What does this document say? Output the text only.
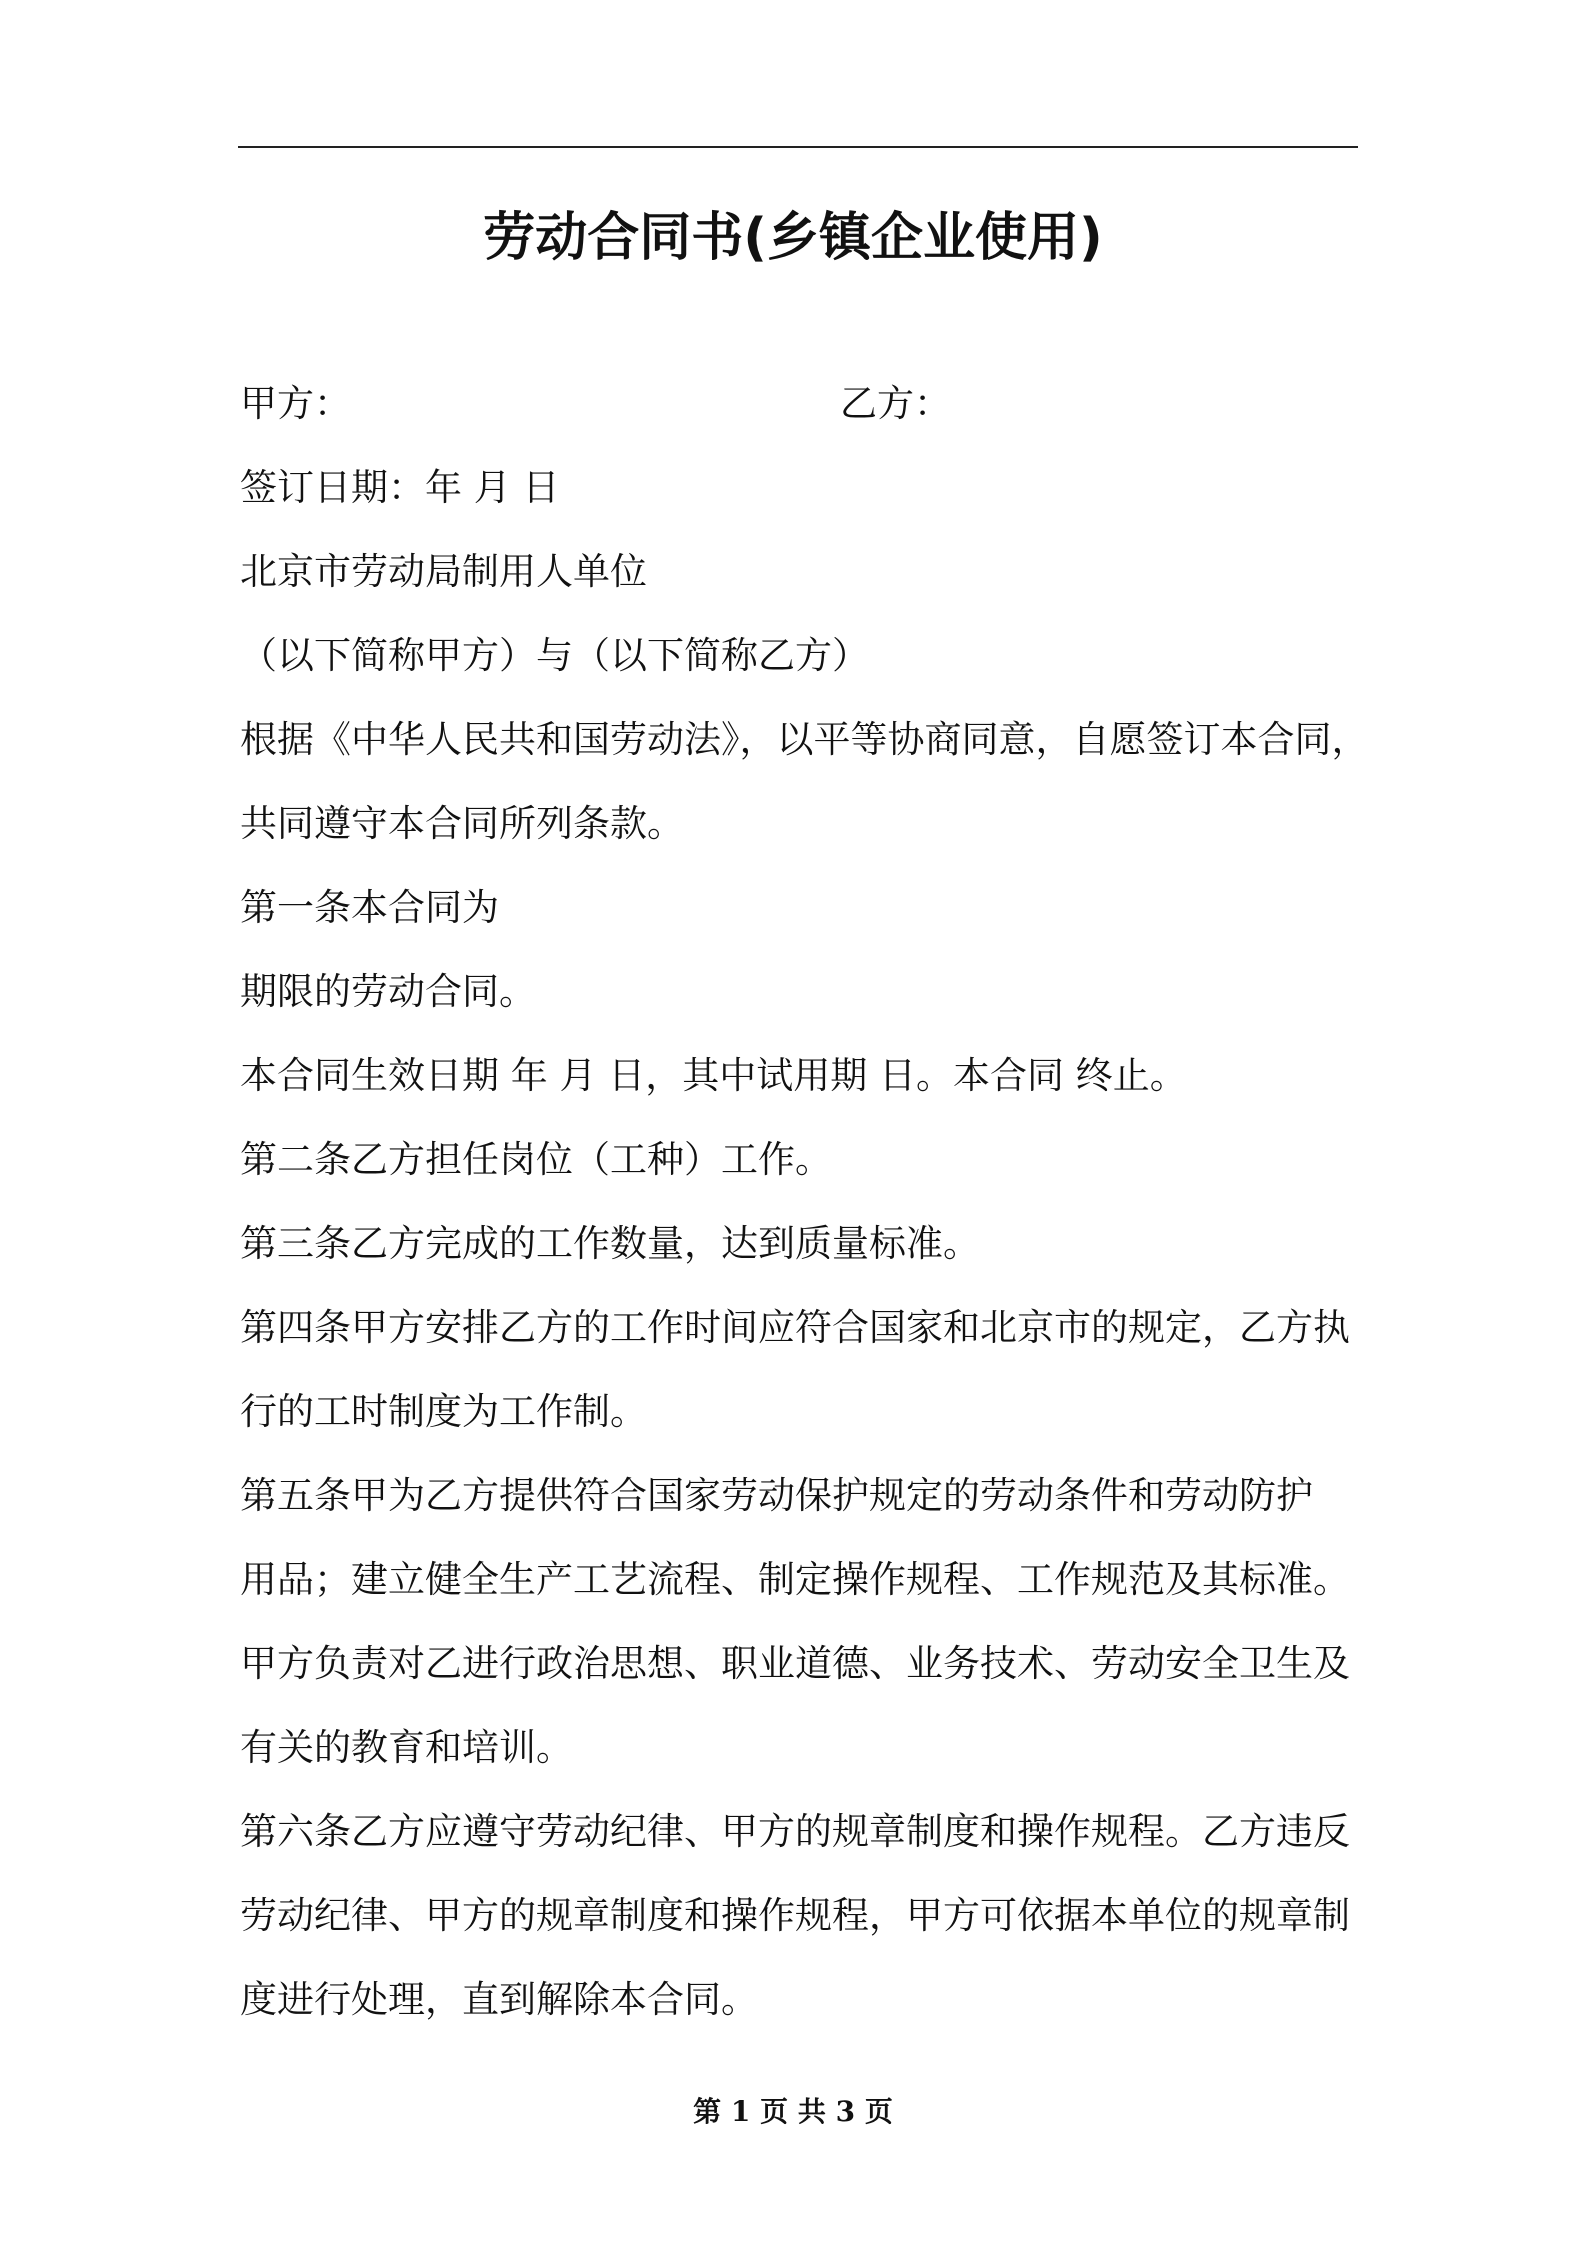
劳动合同书(乡镇企业使用)
甲方：	乙方：
签订日期：年 月 日
北京市劳动局制用人单位
（以下简称甲方）与（以下简称乙方）
根据《中华人民共和国劳动法》，以平等协商同意，自愿签订本合同，
共同遵守本合同所列条款。
第一条本合同为
期限的劳动合同。
本合同生效日期 年 月 日，其中试用期 日。本合同 终止。
第二条乙方担任岗位（工种）工作。
第三条乙方完成的工作数量，达到质量标准。
第四条甲方安排乙方的工作时间应符合国家和北京市的规定，乙方执
行的工时制度为工作制。
第五条甲为乙方提供符合国家劳动保护规定的劳动条件和劳动防护
用品；建立健全生产工艺流程、制定操作规程、工作规范及其标准。
甲方负责对乙进行政治思想、职业道德、业务技术、劳动安全卫生及
有关的教育和培训。
第六条乙方应遵守劳动纪律、甲方的规章制度和操作规程。乙方违反
劳动纪律、甲方的规章制度和操作规程，甲方可依据本单位的规章制
度进行处理，直到解除本合同。
第 1 页 共 3 页
